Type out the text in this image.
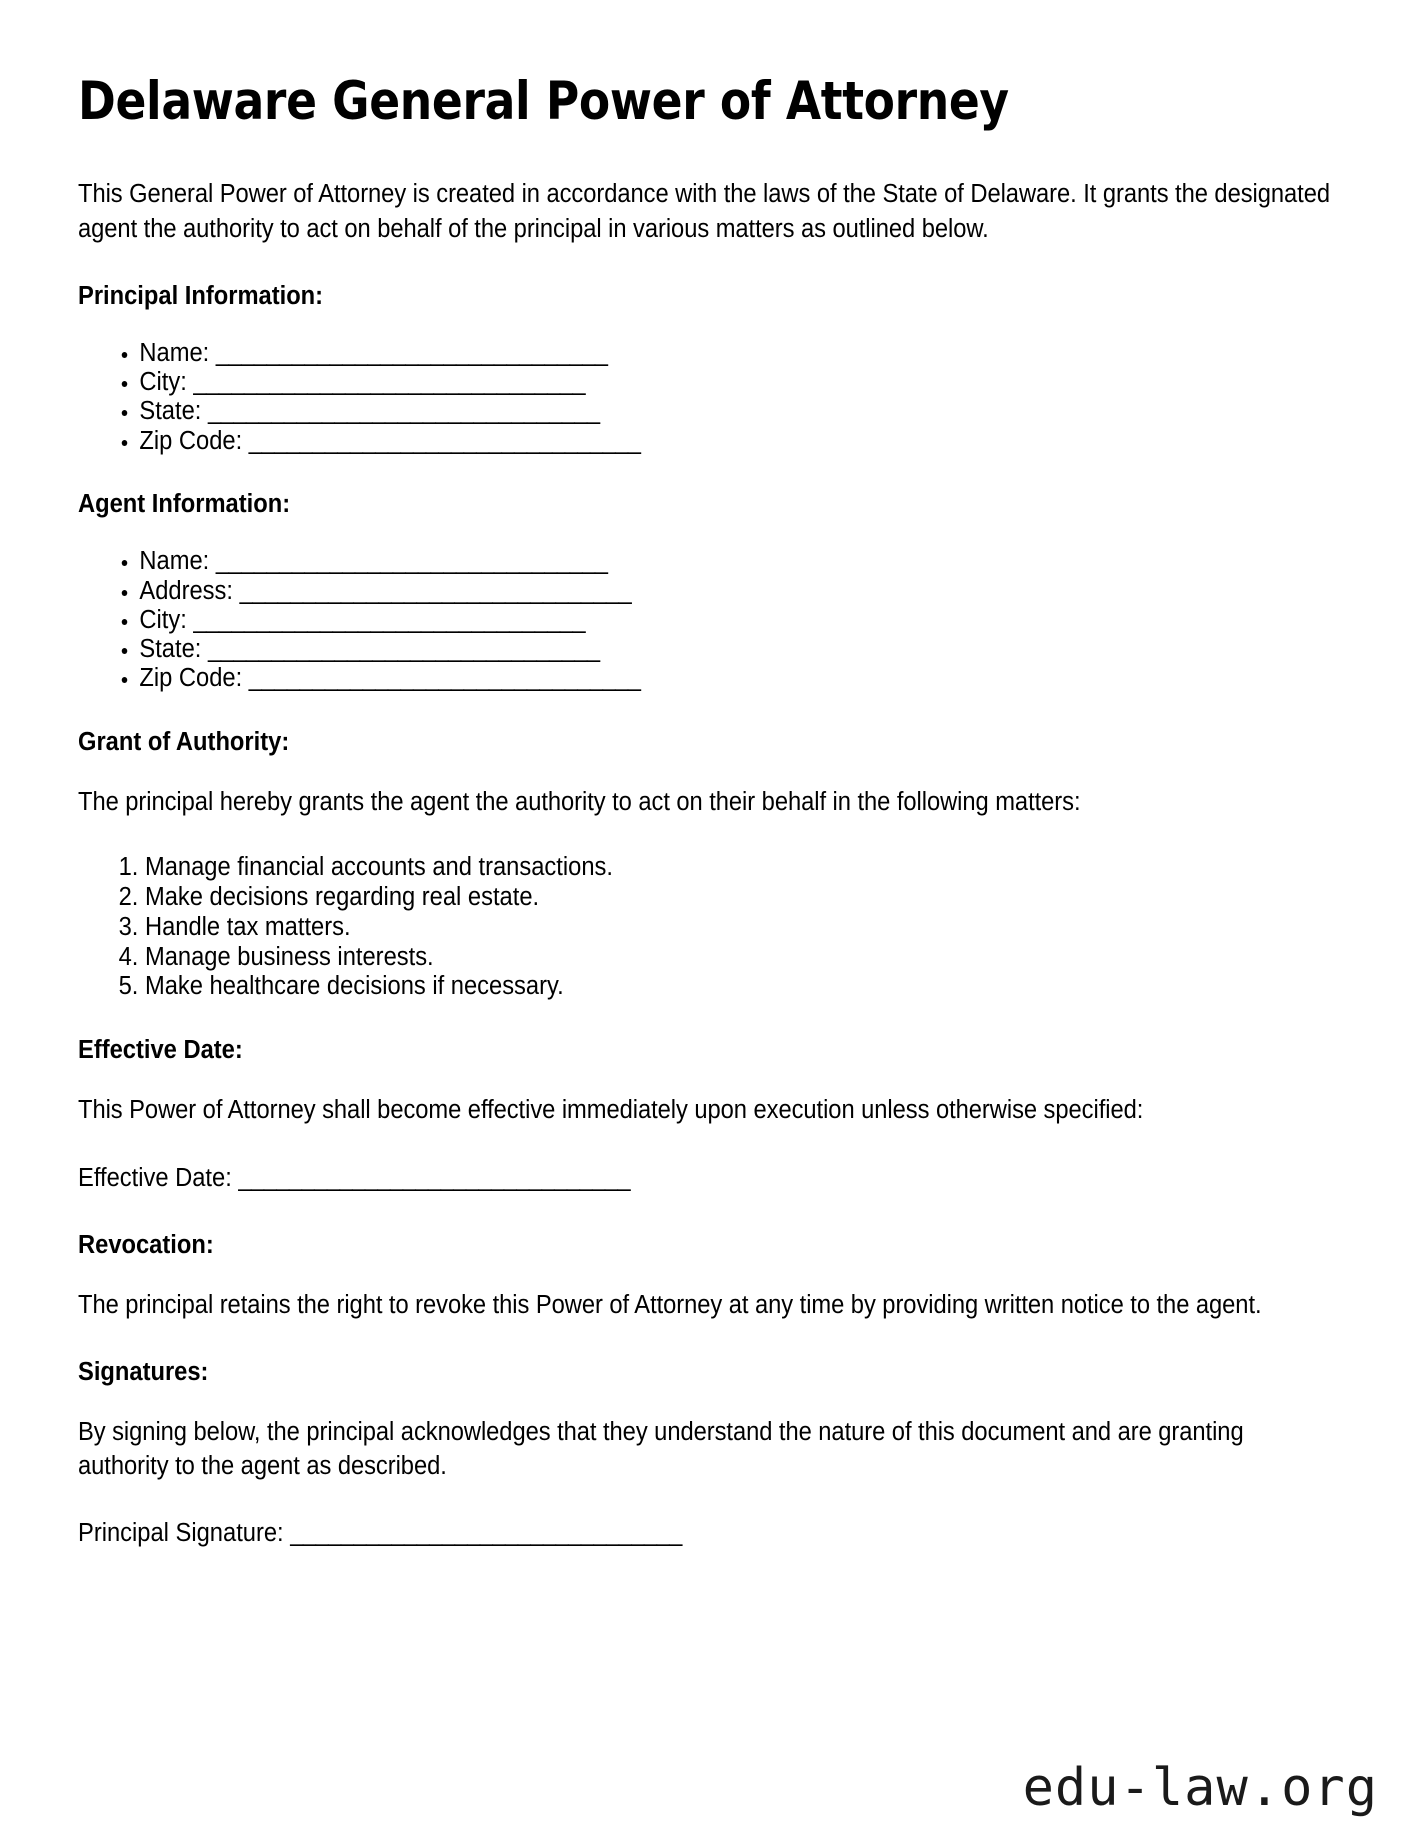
Delaware General Power of Attorney

This General Power of Attorney is created in accordance with the laws of the State of Delaware. It grants the designated agent the authority to act on behalf of the principal in various matters as outlined below.

Principal Information:
• Name: _______________________________
• City: _______________________________
• State: _______________________________
• Zip Code: _______________________________
Agent Information:
• Name: _______________________________
• Address: _______________________________
• City: _______________________________
• State: _______________________________
• Zip Code: _______________________________
Grant of Authority:

The principal hereby grants the agent the authority to act on their behalf in the following matters:

1. Manage financial accounts and transactions.
2. Make decisions regarding real estate.
3. Handle tax matters.
4. Manage business interests.
5. Make healthcare decisions if necessary.
Effective Date:

This Power of Attorney shall become effective immediately upon execution unless otherwise specified:

Effective Date: _______________________________
Revocation:

The principal retains the right to revoke this Power of Attorney at any time by providing written notice to the agent.

Signatures:

By signing below, the principal acknowledges that they understand the nature of this document and are granting authority to the agent as described.

Principal Signature: _______________________________
edu-law.org
